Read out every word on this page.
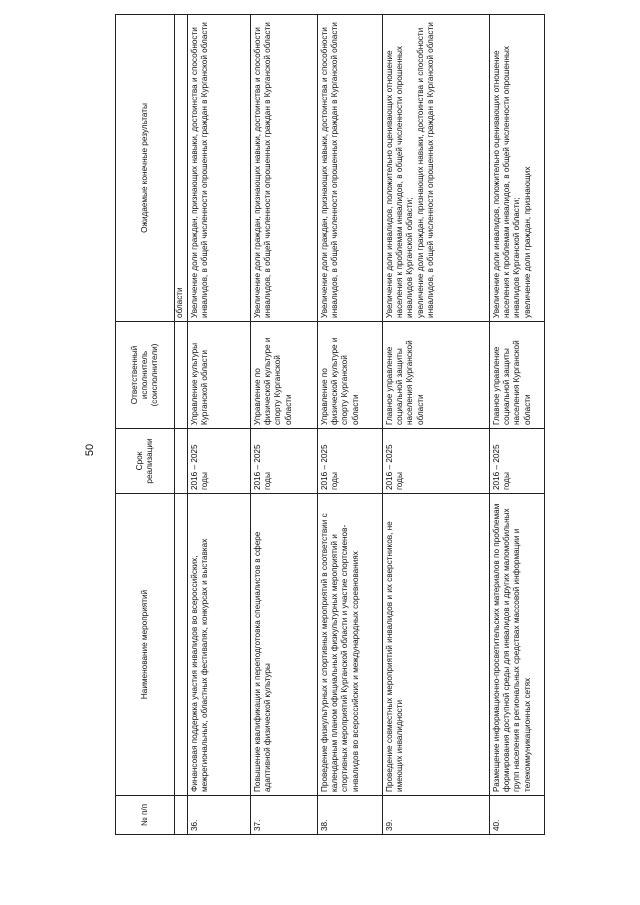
50
№ п/п	Наименование мероприятий	Срок реализации	Ответственный исполнитель (соисполнители)	Ожидаемые конечные результаты
				области
36.	Финансовая поддержка участия инвалидов во всероссийских, межрегиональных, областных фестивалях, конкурсах и выставках	2016 – 2025 годы	Управление культуры Курганской области	Увеличение доли граждан, признающих навыки, достоинства и способности инвалидов, в общей численности опрошенных граждан в Курганской области

37.	Повышение квалификации и переподготовка специалистов в сфере адаптивной физической культуры	2016 – 2025 годы	Управление по физической культуре и спорту Курганской области	Увеличение доли граждан, признающих навыки, достоинства и способности инвалидов, в общей численности опрошенных граждан в Курганской области

38.	Проведение физкультурных и спортивных мероприятий в соответствии с календарным планом официальных физкультурных мероприятий и спортивных мероприятий Курганской области и участие спортсменов-инвалидов во всероссийских и международных соревнованиях	2016 – 2025 годы	Управление по физической культуре и спорту Курганской области	Увеличение доли граждан, признающих навыки, достоинства и способности инвалидов, в общей численности опрошенных граждан в Курганской области

39.	Проведение совместных мероприятий инвалидов и их сверстников, не имеющих инвалидности	2016 – 2025 годы	Главное управление социальной защиты населения Курганской области	Увеличение доли инвалидов, положительно оценивающих отношение населения к проблемам инвалидов, в общей численности опрошенных инвалидов Курганской области; увеличение доли граждан, признающих навыки, достоинства и способности инвалидов, в общей численности опрошенных граждан в Курганской области

40.	Размещение информационно-просветительских материалов по проблемам формирования доступной среды для инвалидов и других маломобильных групп населения в региональных средствах массовой информации и телекоммуникационных сетях	2016 – 2025 годы	Главное управление социальной защиты населения Курганской области	Увеличение доли инвалидов, положительно оценивающих отношение населения к проблемам инвалидов, в общей численности опрошенных инвалидов Курганской области; увеличение доли граждан, признающих
